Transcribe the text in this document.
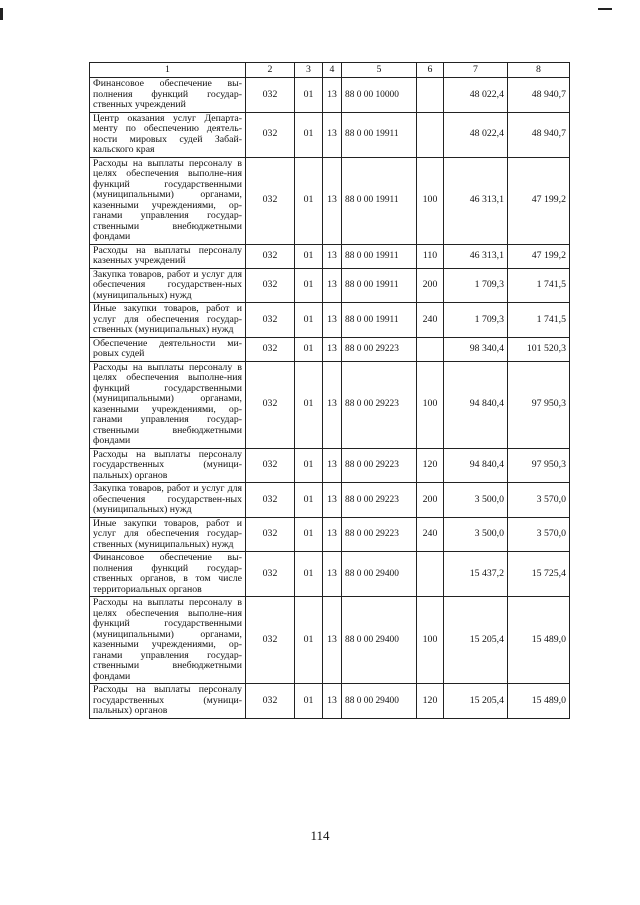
1	2	3	4	5	6	7	8
Финансовое обеспечение вы-полнения функций государ-ственных учреждений	032	01	13	88 0 00 10000		48 022,4	48 940,7
Центр оказания услуг Департа-менту по обеспечению деятель-ности мировых судей Забай-кальского края	032	01	13	88 0 00 19911		48 022,4	48 940,7
Расходы на выплаты персоналу в целях обеспечения выполне-ния функций государственными (муниципальными) органами, казенными учреждениями, ор-ганами управления государ-ственными внебюджетными фондами	032	01	13	88 0 00 19911	100	46 313,1	47 199,2
Расходы на выплаты персоналу казенных учреждений	032	01	13	88 0 00 19911	110	46 313,1	47 199,2
Закупка товаров, работ и услуг для обеспечения государствен-ных (муниципальных) нужд	032	01	13	88 0 00 19911	200	1 709,3	1 741,5
Иные закупки товаров, работ и услуг для обеспечения государ-ственных (муниципальных) нужд	032	01	13	88 0 00 19911	240	1 709,3	1 741,5
Обеспечение деятельности ми-ровых судей	032	01	13	88 0 00 29223		98 340,4	101 520,3
Расходы на выплаты персоналу в целях обеспечения выполне-ния функций государственными (муниципальными) органами, казенными учреждениями, ор-ганами управления государ-ственными внебюджетными фондами	032	01	13	88 0 00 29223	100	94 840,4	97 950,3
Расходы на выплаты персоналу государственных (муници-пальных) органов	032	01	13	88 0 00 29223	120	94 840,4	97 950,3
Закупка товаров, работ и услуг для обеспечения государствен-ных (муниципальных) нужд	032	01	13	88 0 00 29223	200	3 500,0	3 570,0
Иные закупки товаров, работ и услуг для обеспечения государ-ственных (муниципальных) нужд	032	01	13	88 0 00 29223	240	3 500,0	3 570,0
Финансовое обеспечение вы-полнения функций государ-ственных органов, в том числе территориальных органов	032	01	13	88 0 00 29400		15 437,2	15 725,4
Расходы на выплаты персоналу в целях обеспечения выполне-ния функций государственными (муниципальными) органами, казенными учреждениями, ор-ганами управления государ-ственными внебюджетными фондами	032	01	13	88 0 00 29400	100	15 205,4	15 489,0
Расходы на выплаты персоналу государственных (муници-пальных) органов	032	01	13	88 0 00 29400	120	15 205,4	15 489,0
114
